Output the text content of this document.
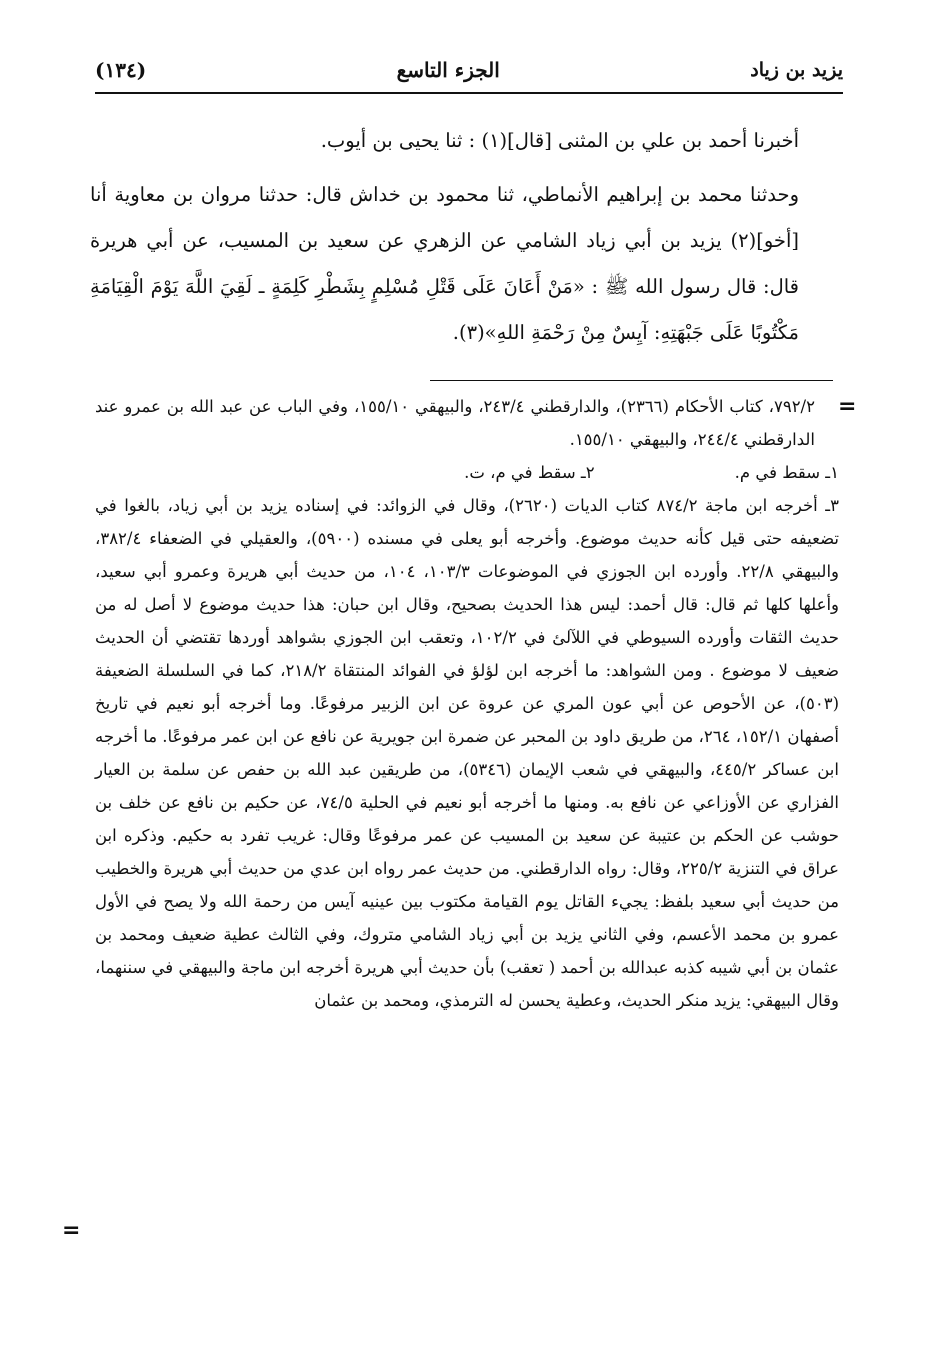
(١٣٤)	الجزء التاسع	يزيد بن زياد

أخبرنا أحمد بن علي بن المثنى [قال](١) : ثنا يحيى بن أيوب.

وحدثنا محمد بن إبراهيم الأنماطي، ثنا محمود بن خداش قال: حدثنا مروان بن معاوية أنا [أخو](٢) يزيد بن أبي زياد الشامي عن الزهري عن سعيد بن المسيب، عن أبي هريرة قال: قال رسول الله ﷺ : «مَنْ أَعَانَ عَلَى قَتْلِ مُسْلِمٍ بِشَطْرِ كَلِمَةٍ ـ لَقِيَ اللَّهَ يَوْمَ الْقِيَامَةِ مَكْتُوبًا عَلَى جَبْهَتِهِ: آيِسٌ مِنْ رَحْمَةِ اللهِ»(٣).

٧٩٢/٢، كتاب الأحكام (٢٣٦٦)، والدارقطني ٢٤٣/٤، والبيهقي ١٥٥/١٠، وفي الباب عن عبد الله بن عمرو عند الدارقطني ٢٤٤/٤، والبيهقي ١٥٥/١٠.

١ـ سقط في م.
٢ـ سقط في م، ت.

٣ـ أخرجه ابن ماجة ٨٧٤/٢ كتاب الديات (٢٦٢٠)، وقال في الزوائد: في إسناده يزيد بن أبي زياد، بالغوا في تضعيفه حتى قيل كأنه حديث موضوع. وأخرجه أبو يعلى في مسنده (٥٩٠٠)، والعقيلي في الضعفاء ٣٨٢/٤، والبيهقي ٢٢/٨. وأورده ابن الجوزي في الموضوعات ١٠٣/٣، ١٠٤، من حديث أبي هريرة وعمرو أبي سعيد، وأعلها كلها ثم قال: قال أحمد: ليس هذا الحديث بصحيح، وقال ابن حبان: هذا حديث موضوع لا أصل له من حديث الثقات وأورده السيوطي في اللآلئ في ١٠٢/٢، وتعقب ابن الجوزي بشواهد أوردها تقتضي أن الحديث ضعيف لا موضوع . ومن الشواهد: ما أخرجه ابن لؤلؤ في الفوائد المنتقاة ٢١٨/٢، كما في السلسلة الضعيفة (٥٠٣)، عن الأحوص عن أبي عون المري عن عروة عن ابن الزبير مرفوعًا. وما أخرجه أبو نعيم في تاريخ أصفهان ١٥٢/١، ٢٦٤، من طريق داود بن المحبر عن ضمرة ابن جويرية عن نافع عن ابن عمر مرفوعًا. ما أخرجه ابن عساكر ٤٤٥/٢، والبيهقي في شعب الإيمان (٥٣٤٦)، من طريقين عبد الله بن حفص عن سلمة بن العيار الفزاري عن الأوزاعي عن نافع به. ومنها ما أخرجه أبو نعيم في الحلية ٧٤/٥، عن حكيم بن نافع عن خلف بن حوشب عن الحكم بن عتيبة عن سعيد بن المسيب عن عمر مرفوعًا وقال: غريب تفرد به حكيم. وذكره ابن عراق في التنزية ٢٢٥/٢، وقال: رواه الدارقطني. من حديث عمر رواه ابن عدي من حديث أبي هريرة والخطيب من حديث أبي سعيد بلفظ: يجيء القاتل يوم القيامة مكتوب بين عينيه آيس من رحمة الله ولا يصح في الأول عمرو بن محمد الأعسم، وفي الثاني يزيد بن أبي زياد الشامي متروك، وفي الثالث عطية ضعيف ومحمد بن عثمان بن أبي شيبه كذبه عبدالله بن أحمد ( تعقب) بأن حديث أبي هريرة أخرجه ابن ماجة والبيهقي في سننهما، وقال البيهقي: يزيد منكر الحديث، وعطية يحسن له الترمذي، ومحمد بن عثمان

=
=
